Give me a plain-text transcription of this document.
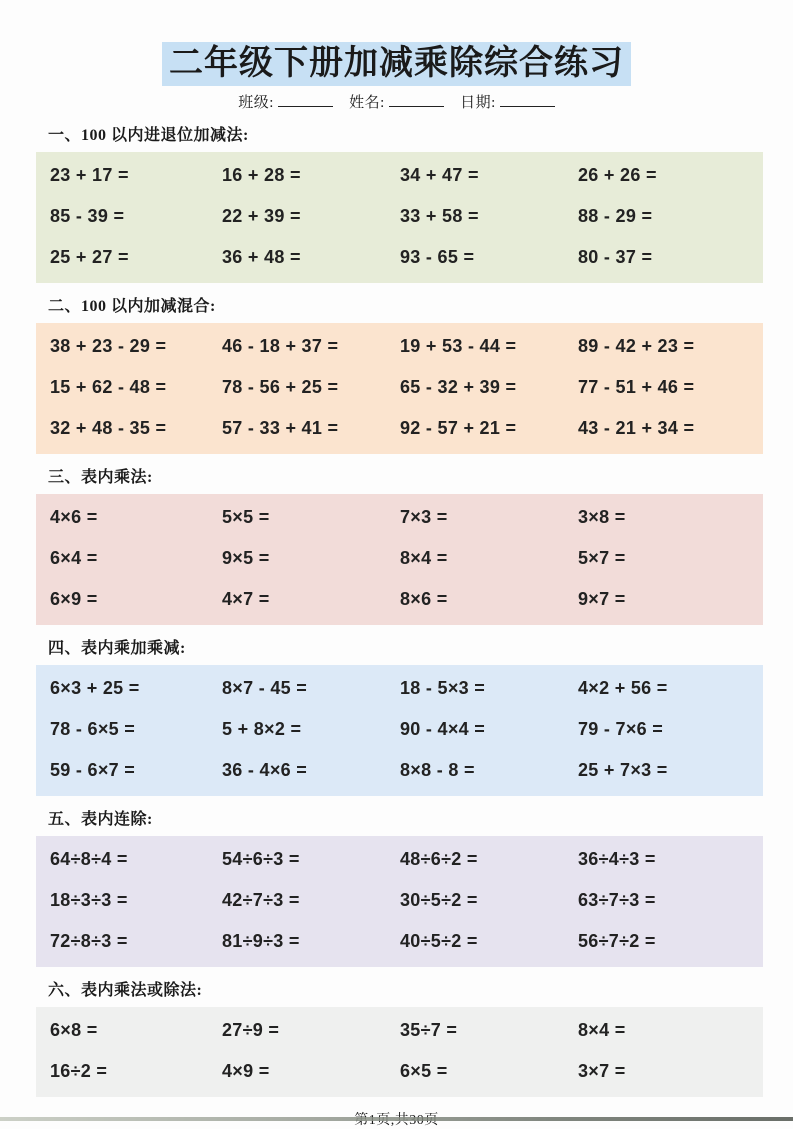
二年级下册加减乘除综合练习
班级:	姓名:	日期:
一、100 以内进退位加减法:
23 + 17 =	16 + 28 =	34 + 47 =	26 + 26 =
85 - 39 =	22 + 39 =	33 + 58 =	88 - 29 =
25 + 27 =	36 + 48 =	93 - 65 =	80 - 37 =
二、100 以内加减混合:
38 + 23 - 29 =	46 - 18 + 37 =	19 + 53 - 44 =	89 - 42 + 23 =
15 + 62 - 48 =	78 - 56 + 25 =	65 - 32 + 39 =	77 - 51 + 46 =
32 + 48 - 35 =	57 - 33 + 41 =	92 - 57 + 21 =	43 - 21 + 34 =
三、表内乘法:
4×6 =	5×5 =	7×3 =	3×8 =
6×4 =	9×5 =	8×4 =	5×7 =
6×9 =	4×7 =	8×6 =	9×7 =
四、表内乘加乘减:
6×3 + 25 =	8×7 - 45 =	18 - 5×3 =	4×2 + 56 =
78 - 6×5 =	5 + 8×2 =	90 - 4×4 =	79 - 7×6 =
59 - 6×7 =	36 - 4×6 =	8×8 - 8 =	25 + 7×3 =
五、表内连除:
64÷8÷4 =	54÷6÷3 =	48÷6÷2 =	36÷4÷3 =
18÷3÷3 =	42÷7÷3 =	30÷5÷2 =	63÷7÷3 =
72÷8÷3 =	81÷9÷3 =	40÷5÷2 =	56÷7÷2 =
六、表内乘法或除法:
6×8 =	27÷9 =	35÷7 =	8×4 =
16÷2 =	4×9 =	6×5 =	3×7 =
